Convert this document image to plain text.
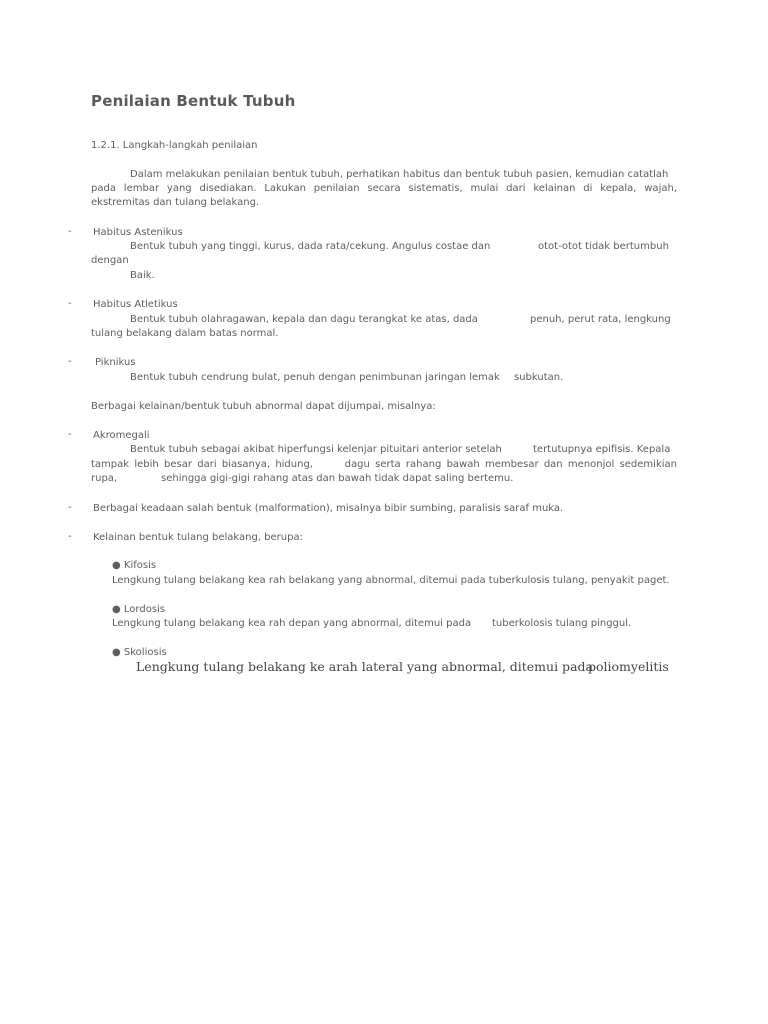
Penilaian Bentuk Tubuh
1.2.1. Langkah-langkah penilaian
Dalam melakukan penilaian bentuk tubuh, perhatikan habitus dan bentuk tubuh pasien, kemudian catatlah
pada lembar yang disediakan. Lakukan penilaian secara sistematis, mulai dari kelainan di kepala, wajah,
ekstremitas dan tulang belakang.
- Habitus Astenikus
Bentuk tubuh yang tinggi, kurus, dada rata/cekung. Angulus costae dan	otot-otot tidak bertumbuh
dengan
Baik.
- Habitus Atletikus
Bentuk tubuh olahragawan, kepala dan dagu terangkat ke atas, dada	penuh, perut rata, lengkung
tulang belakang dalam batas normal.
- Piknikus
Bentuk tubuh cendrung bulat, penuh dengan penimbunan jaringan lemak subkutan.
Berbagai kelainan/bentuk tubuh abnormal dapat dijumpai, misalnya:
- Akromegali
Bentuk tubuh sebagai akibat hiperfungsi kelenjar pituitari anterior setelah	tertutupnya epifisis. Kepala
tampak lebih besar dari biasanya, hidung,      dagu serta rahang bawah membesar dan menonjol sedemikian
rupa,	sehingga gigi-gigi rahang atas dan bawah tidak dapat saling bertemu.
- Berbagai keadaan salah bentuk (malformation), misalnya bibir sumbing, paralisis saraf muka.
- Kelainan bentuk tulang belakang, berupa:
● Kifosis
Lengkung tulang belakang kea rah belakang yang abnormal, ditemui pada tuberkulosis tulang, penyakit paget.
● Lordosis
Lengkung tulang belakang kea rah depan yang abnormal, ditemui pada tuberkolosis tulang pinggul.
● Skoliosis
Lengkung tulang belakang ke arah lateral yang abnormal, ditemui pada
poliomyelitis
